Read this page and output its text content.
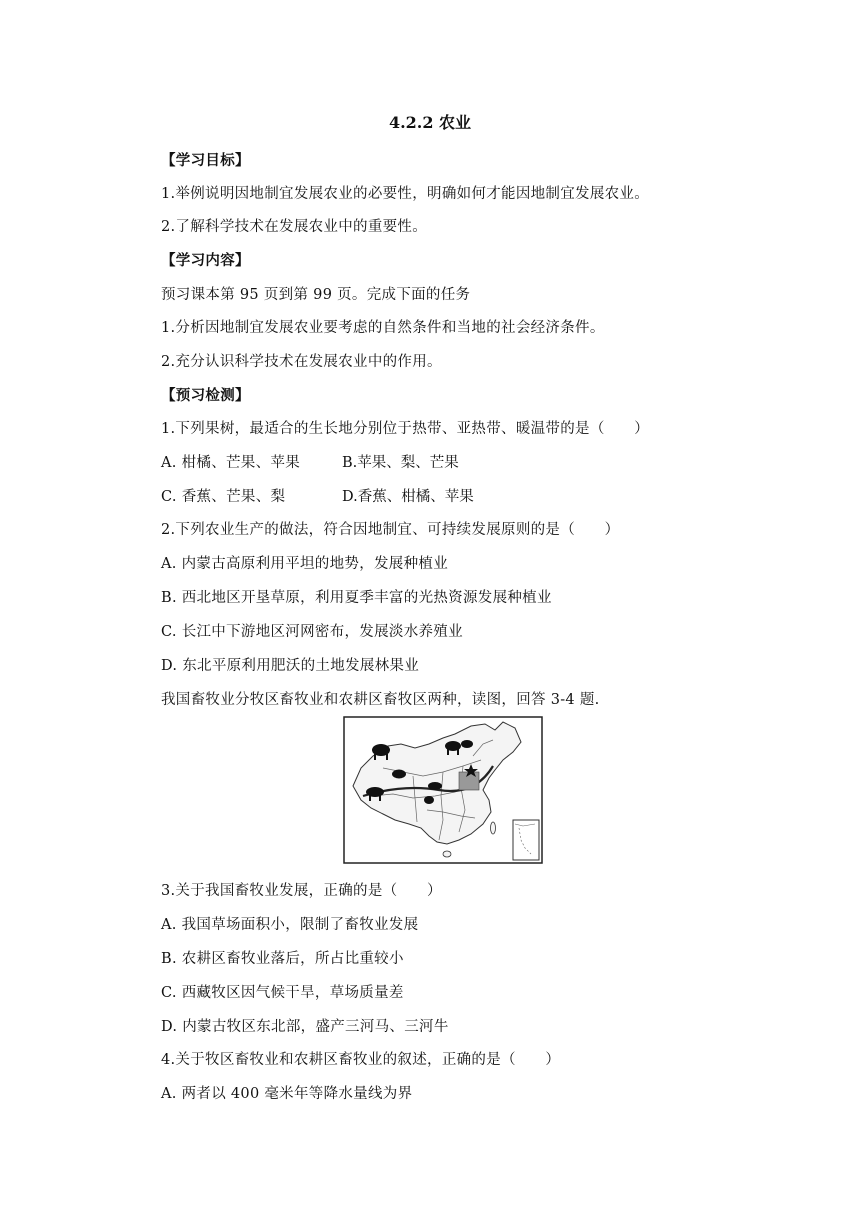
4.2.2 农业
【学习目标】
1.举例说明因地制宜发展农业的必要性，明确如何才能因地制宜发展农业。
2.了解科学技术在发展农业中的重要性。
【学习内容】
预习课本第 95 页到第 99 页。完成下面的任务
1.分析因地制宜发展农业要考虑的自然条件和当地的社会经济条件。
2.充分认识科学技术在发展农业中的作用。
【预习检测】
1.下列果树，最适合的生长地分别位于热带、亚热带、暖温带的是（　　）
A. 柑橘、芒果、苹果	B.苹果、梨、芒果
C. 香蕉、芒果、梨	D.香蕉、柑橘、苹果
2.下列农业生产的做法，符合因地制宜、可持续发展原则的是（　　）
A. 内蒙古高原利用平坦的地势，发展种植业
B. 西北地区开垦草原，利用夏季丰富的光热资源发展种植业
C. 长江中下游地区河网密布，发展淡水养殖业
D. 东北平原利用肥沃的土地发展林果业
我国畜牧业分牧区畜牧业和农耕区畜牧区两种，读图，回答 3-4 题.
3.关于我国畜牧业发展，正确的是（　　）
A. 我国草场面积小，限制了畜牧业发展
B. 农耕区畜牧业落后，所占比重较小
C. 西藏牧区因气候干旱，草场质量差
D. 内蒙古牧区东北部，盛产三河马、三河牛
4.关于牧区畜牧业和农耕区畜牧业的叙述，正确的是（　　）
A. 两者以 400 毫米年等降水量线为界
